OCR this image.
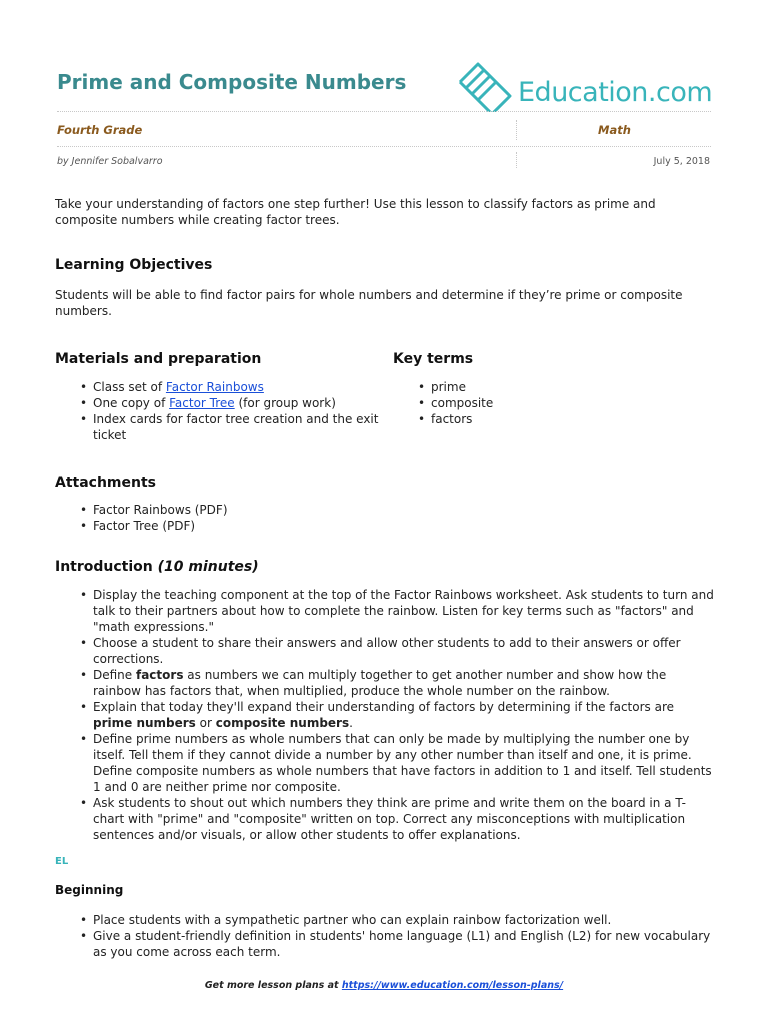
Prime and Composite Numbers	Education.com
Fourth Grade	Math
by Jennifer Sobalvarro	July 5, 2018
Take your understanding of factors one step further! Use this lesson to classify factors as prime and composite numbers while creating factor trees.
Learning Objectives
Students will be able to find factor pairs for whole numbers and determine if they’re prime or composite numbers.
Materials and preparation
• Class set of Factor Rainbows
• One copy of Factor Tree (for group work)
• Index cards for factor tree creation and the exit ticket
Key terms
• prime
• composite
• factors
Attachments
• Factor Rainbows (PDF)
• Factor Tree (PDF)
Introduction (10 minutes)
• Display the teaching component at the top of the Factor Rainbows worksheet. Ask students to turn and talk to their partners about how to complete the rainbow. Listen for key terms such as "factors" and "math expressions."
• Choose a student to share their answers and allow other students to add to their answers or offer corrections.
• Define factors as numbers we can multiply together to get another number and show how the rainbow has factors that, when multiplied, produce the whole number on the rainbow.
• Explain that today they'll expand their understanding of factors by determining if the factors are prime numbers or composite numbers.
• Define prime numbers as whole numbers that can only be made by multiplying the number one by itself. Tell them if they cannot divide a number by any other number than itself and one, it is prime. Define composite numbers as whole numbers that have factors in addition to 1 and itself. Tell students 1 and 0 are neither prime nor composite.
• Ask students to shout out which numbers they think are prime and write them on the board in a T-chart with "prime" and "composite" written on top. Correct any misconceptions with multiplication sentences and/or visuals, or allow other students to offer explanations.
EL
Beginning
• Place students with a sympathetic partner who can explain rainbow factorization well.
• Give a student-friendly definition in students' home language (L1) and English (L2) for new vocabulary as you come across each term.
Get more lesson plans at https://www.education.com/lesson-plans/
